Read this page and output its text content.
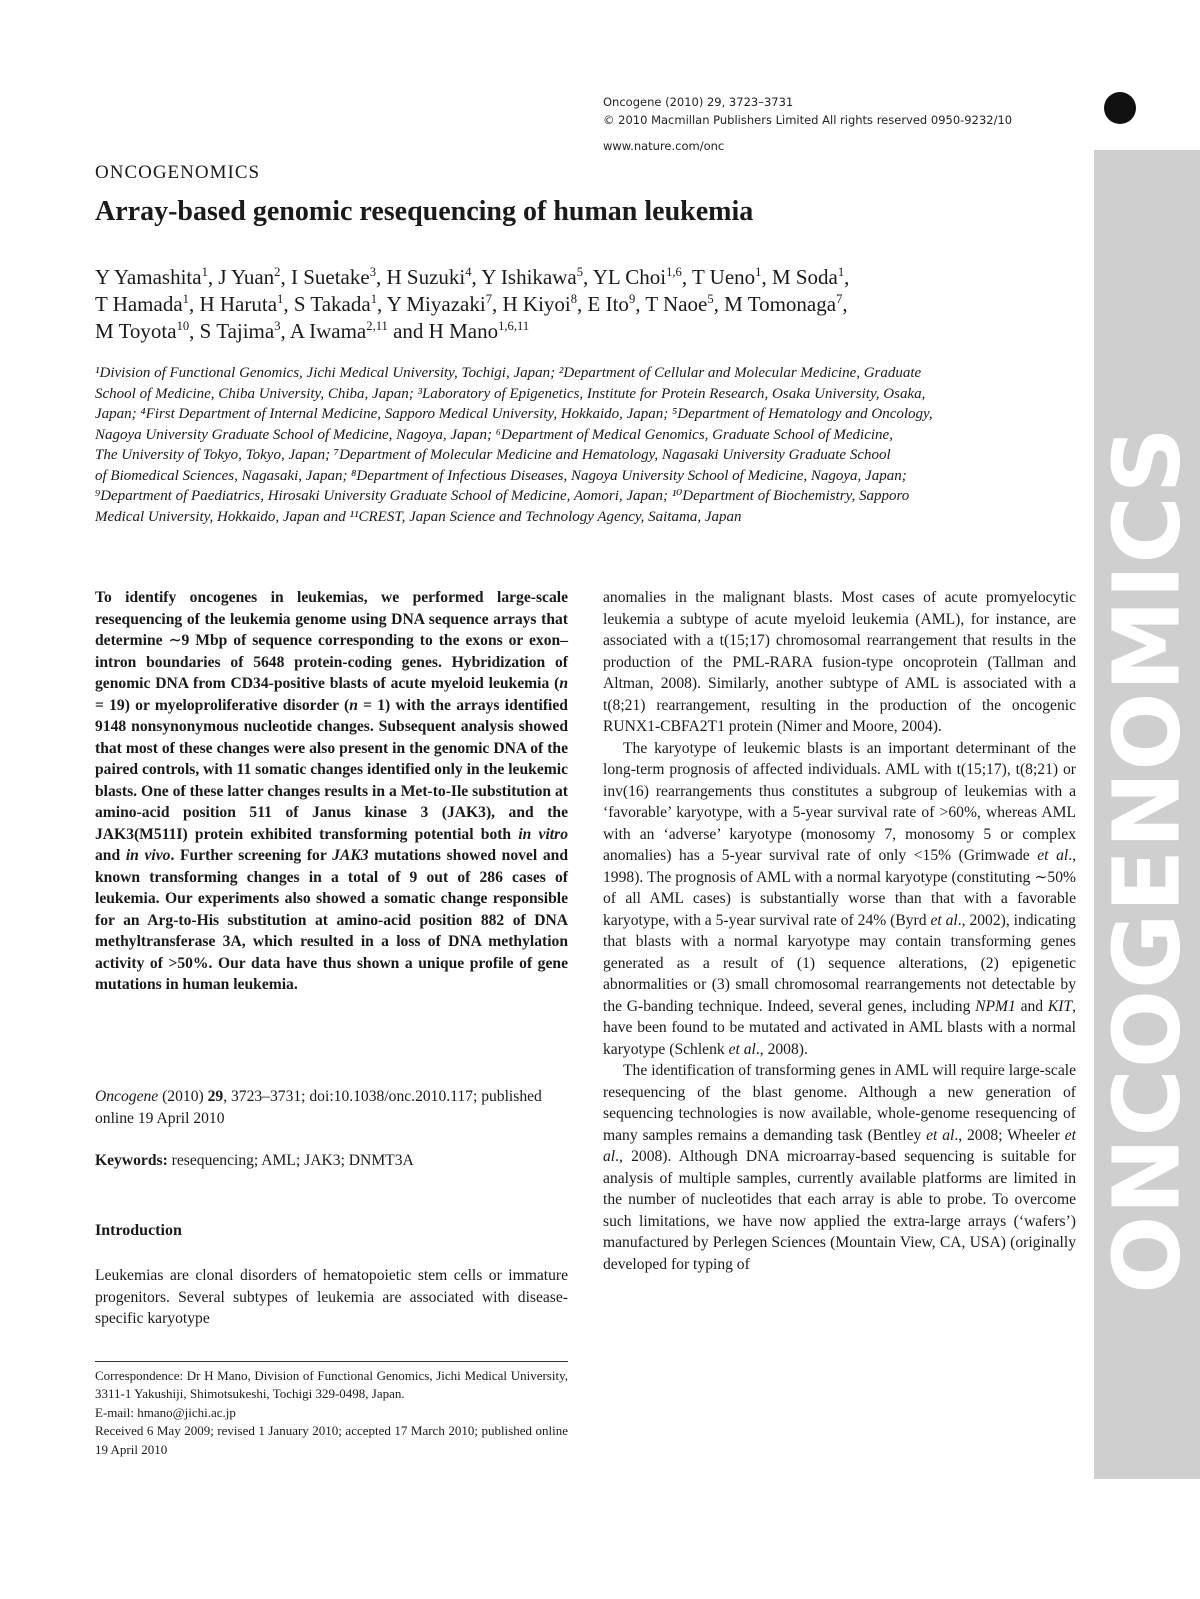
Oncogene (2010) 29, 3723–3731
© 2010 Macmillan Publishers Limited All rights reserved 0950-9232/10
www.nature.com/onc
ONCOGENOMICS
ONCOGENOMICS
Array-based genomic resequencing of human leukemia
Y Yamashita$^1$, J Yuan$^2$, I Suetake$^3$, H Suzuki$^4$, Y Ishikawa$^5$, YL Choi$^{1,6}$, T Ueno$^1$, M Soda$^1$,
T Hamada$^1$, H Haruta$^1$, S Takada$^1$, Y Miyazaki$^7$, H Kiyoi$^8$, E Ito$^9$, T Naoe$^5$, M Tomonaga$^7$,
M Toyota$^{10}$, S Tajima$^3$, A Iwama$^{2,11}$ and H Mano$^{1,6,11}$
¹Division of Functional Genomics, Jichi Medical University, Tochigi, Japan; ²Department of Cellular and Molecular Medicine, Graduate
School of Medicine, Chiba University, Chiba, Japan; ³Laboratory of Epigenetics, Institute for Protein Research, Osaka University, Osaka,
Japan; ⁴First Department of Internal Medicine, Sapporo Medical University, Hokkaido, Japan; ⁵Department of Hematology and Oncology,
Nagoya University Graduate School of Medicine, Nagoya, Japan; ⁶Department of Medical Genomics, Graduate School of Medicine,
The University of Tokyo, Tokyo, Japan; ⁷Department of Molecular Medicine and Hematology, Nagasaki University Graduate School
of Biomedical Sciences, Nagasaki, Japan; ⁸Department of Infectious Diseases, Nagoya University School of Medicine, Nagoya, Japan;
⁹Department of Paediatrics, Hirosaki University Graduate School of Medicine, Aomori, Japan; ¹⁰Department of Biochemistry, Sapporo
Medical University, Hokkaido, Japan and ¹¹CREST, Japan Science and Technology Agency, Saitama, Japan
To identify oncogenes in leukemias, we performed large-scale resequencing of the leukemia genome using DNA sequence arrays that determine ∼9 Mbp of sequence corresponding to the exons or exon–intron boundaries of 5648 protein-coding genes. Hybridization of genomic DNA from CD34-positive blasts of acute myeloid leukemia (n = 19) or myeloproliferative disorder (n = 1) with the arrays identified 9148 nonsynonymous nucleotide changes. Subsequent analysis showed that most of these changes were also present in the genomic DNA of the paired controls, with 11 somatic changes identified only in the leukemic blasts. One of these latter changes results in a Met-to-Ile substitution at amino-acid position 511 of Janus kinase 3 (JAK3), and the JAK3(M511I) protein exhibited transforming potential both in vitro and in vivo. Further screening for JAK3 mutations showed novel and known transforming changes in a total of 9 out of 286 cases of leukemia. Our experiments also showed a somatic change responsible for an Arg-to-His substitution at amino-acid position 882 of DNA methyltransferase 3A, which resulted in a loss of DNA methylation activity of >50%. Our data have thus shown a unique profile of gene mutations in human leukemia.
Oncogene (2010) 29, 3723–3731; doi:10.1038/onc.2010.117; published online 19 April 2010
Keywords: resequencing; AML; JAK3; DNMT3A
Introduction
Leukemias are clonal disorders of hematopoietic stem cells or immature progenitors. Several subtypes of leukemia are associated with disease-specific karyotype
Correspondence: Dr H Mano, Division of Functional Genomics, Jichi Medical University, 3311-1 Yakushiji, Shimotsukeshi, Tochigi 329-0498, Japan.
E-mail: hmano@jichi.ac.jp
Received 6 May 2009; revised 1 January 2010; accepted 17 March 2010; published online 19 April 2010

anomalies in the malignant blasts. Most cases of acute promyelocytic leukemia a subtype of acute myeloid leukemia (AML), for instance, are associated with a t(15;17) chromosomal rearrangement that results in the production of the PML-RARA fusion-type oncoprotein (Tallman and Altman, 2008). Similarly, another subtype of AML is associated with a t(8;21) rearrangement, resulting in the production of the oncogenic RUNX1-CBFA2T1 protein (Nimer and Moore, 2004).

The karyotype of leukemic blasts is an important determinant of the long-term prognosis of affected individuals. AML with t(15;17), t(8;21) or inv(16) rearrangements thus constitutes a subgroup of leukemias with a ‘favorable’ karyotype, with a 5-year survival rate of >60%, whereas AML with an ‘adverse’ karyotype (monosomy 7, monosomy 5 or complex anomalies) has a 5-year survival rate of only <15% (Grimwade et al., 1998). The prognosis of AML with a normal karyotype (constituting ∼50% of all AML cases) is substantially worse than that with a favorable karyotype, with a 5-year survival rate of 24% (Byrd et al., 2002), indicating that blasts with a normal karyotype may contain transforming genes generated as a result of (1) sequence alterations, (2) epigenetic abnormalities or (3) small chromosomal rearrangements not detectable by the G-banding technique. Indeed, several genes, including NPM1 and KIT, have been found to be mutated and activated in AML blasts with a normal karyotype (Schlenk et al., 2008).

The identification of transforming genes in AML will require large-scale resequencing of the blast genome. Although a new generation of sequencing technologies is now available, whole-genome resequencing of many samples remains a demanding task (Bentley et al., 2008; Wheeler et al., 2008). Although DNA microarray-based sequencing is suitable for analysis of multiple samples, currently available platforms are limited in the number of nucleotides that each array is able to probe. To overcome such limitations, we have now applied the extra-large arrays (‘wafers’) manufactured by Perlegen Sciences (Mountain View, CA, USA) (originally developed for typing of
